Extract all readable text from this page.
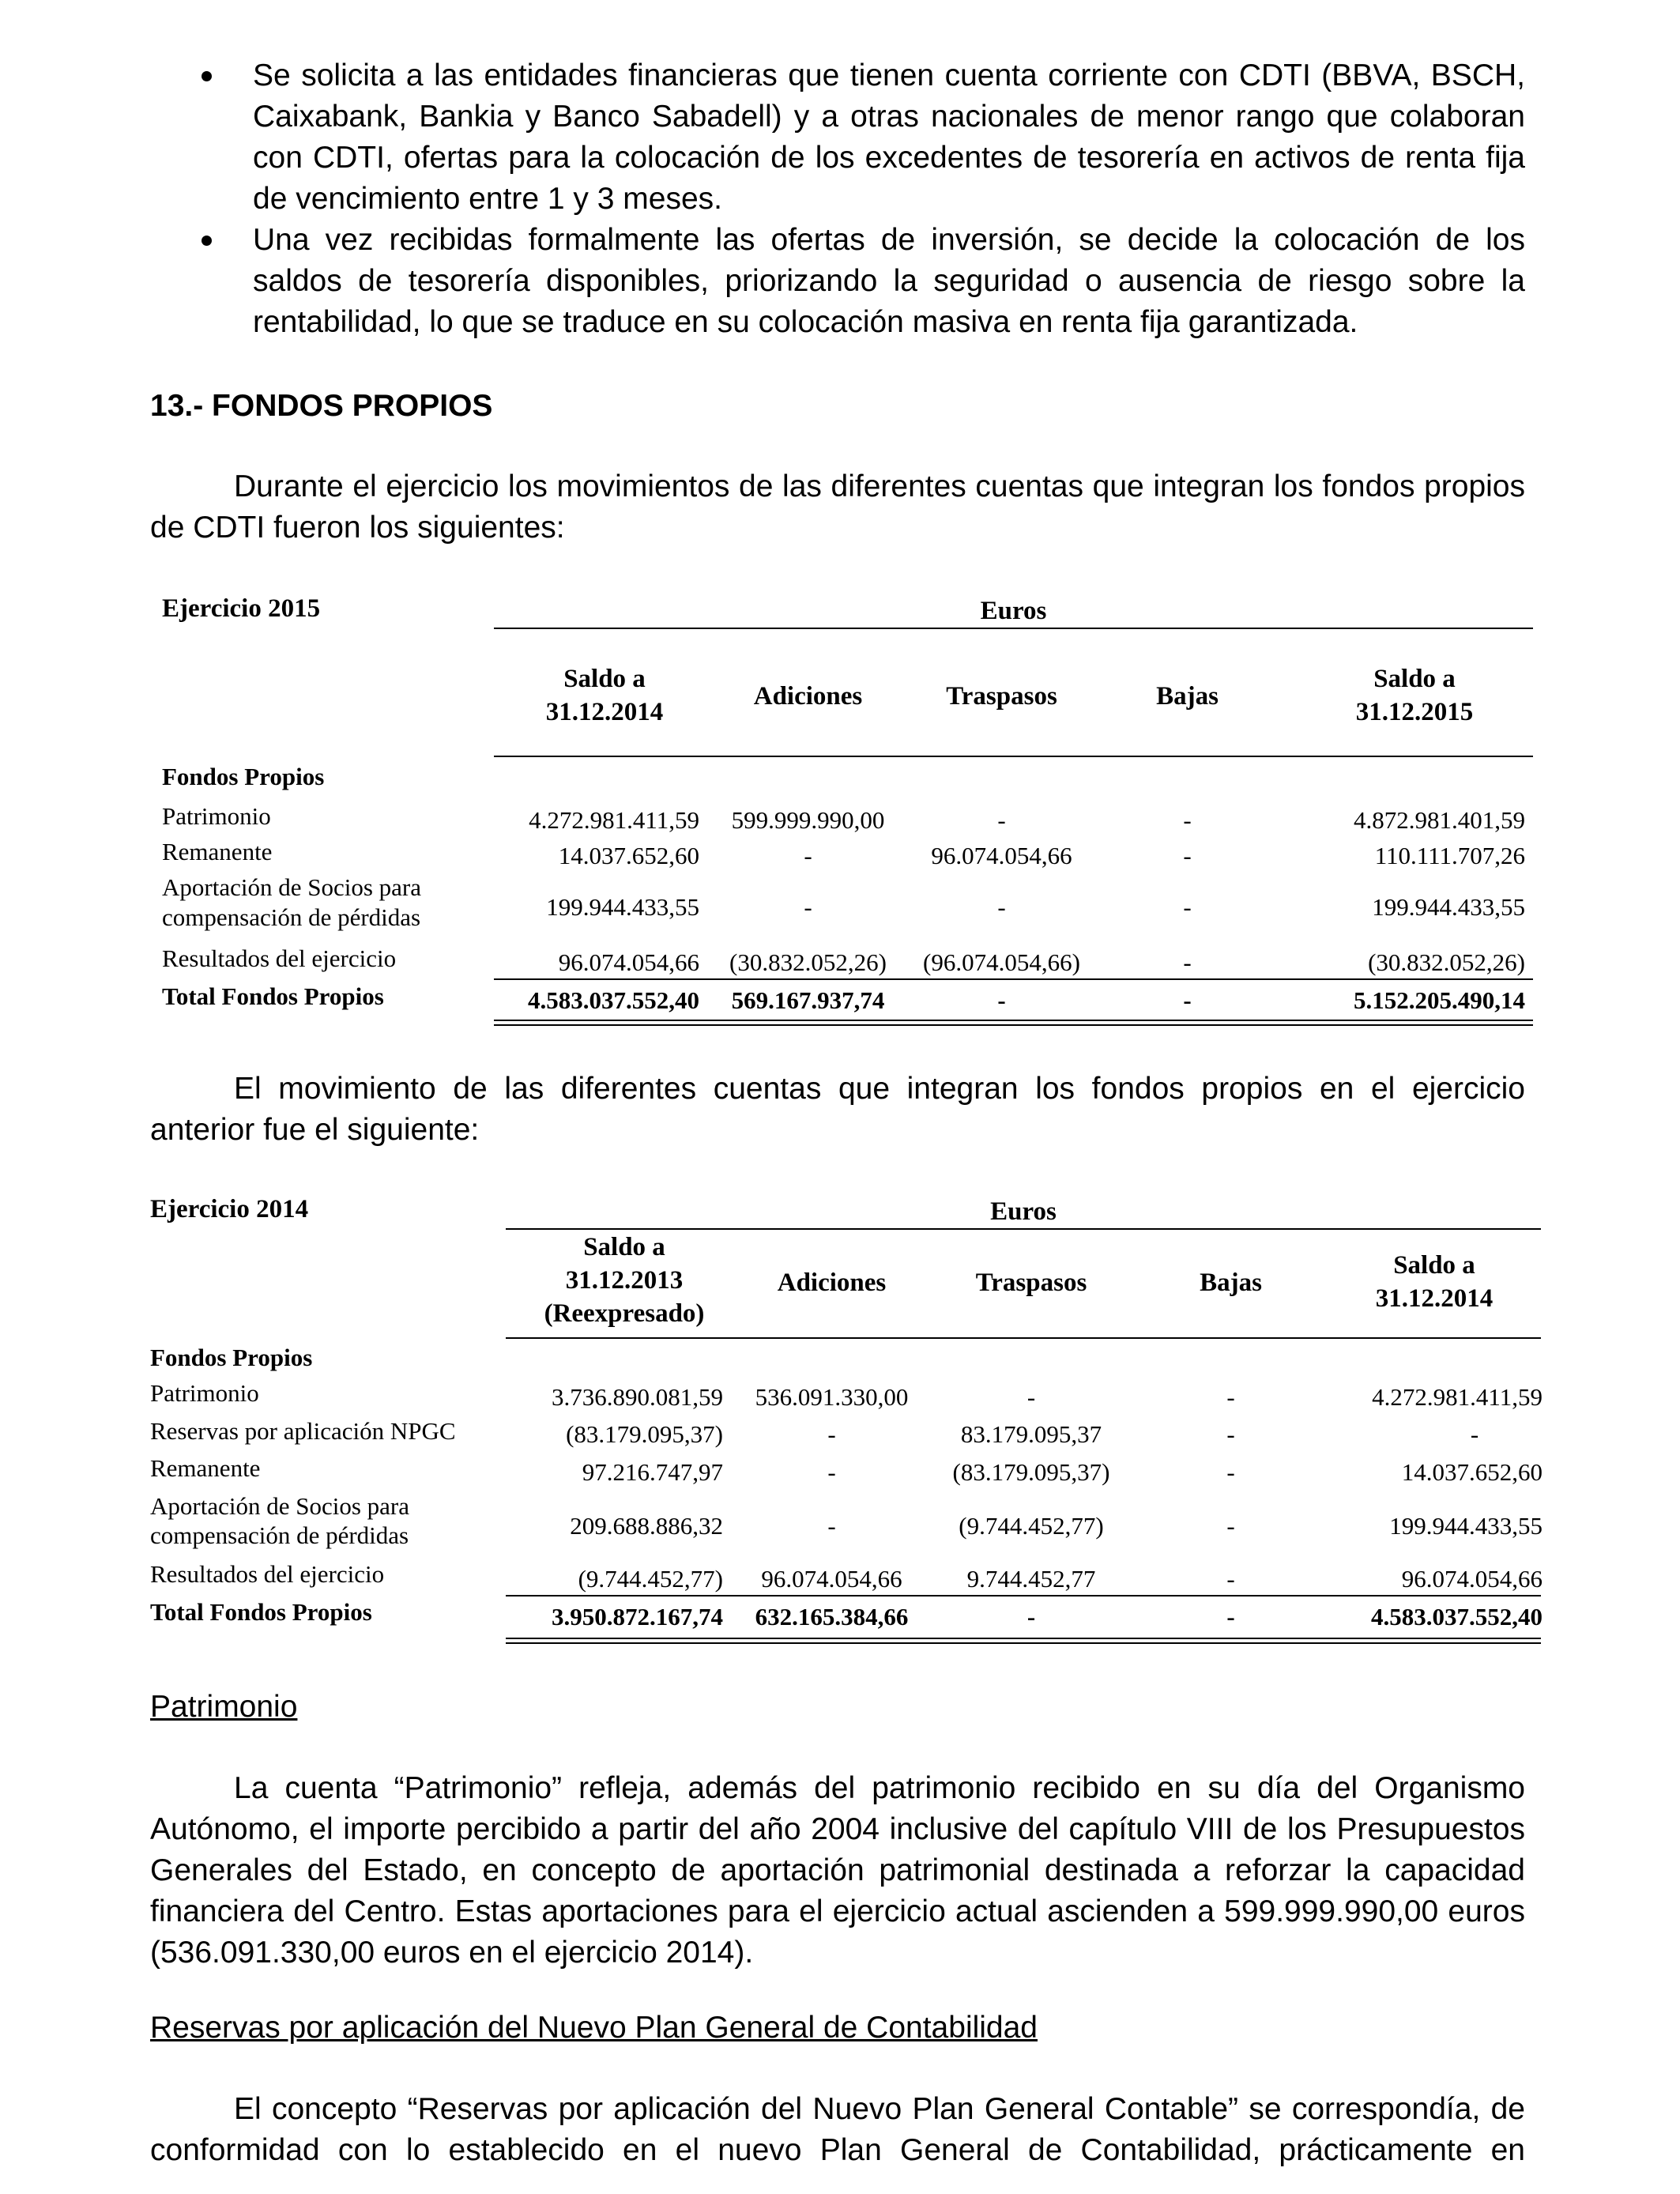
Se solicita a las entidades financieras que tienen cuenta corriente con CDTI (BBVA, BSCH, Caixabank, Bankia y Banco Sabadell) y a otras nacionales de menor rango que colaboran con CDTI, ofertas para la colocación de los excedentes de tesorería en activos de renta fija de vencimiento entre 1 y 3 meses.
Una vez recibidas formalmente las ofertas de inversión, se decide la colocación de los saldos de tesorería disponibles, priorizando la seguridad o ausencia de riesgo sobre la rentabilidad, lo que se traduce en su colocación masiva en renta fija garantizada.
13.- FONDOS PROPIOS
Durante el ejercicio los movimientos de las diferentes cuentas que integran los fondos propios de CDTI fueron los siguientes:
Ejercicio 2015	Euros
Saldo a
31.12.2014
Adiciones	Traspasos	Bajas
Saldo a
31.12.2015
Fondos Propios
Patrimonio	4.272.981.411,59	599.999.990,00	-	-	4.872.981.401,59
Remanente	14.037.652,60	-	96.074.054,66	-	110.111.707,26
Aportación de Socios para
compensación de pérdidas	199.944.433,55	-	-	-	199.944.433,55
Resultados del ejercicio	96.074.054,66	(30.832.052,26)	(96.074.054,66)	-	(30.832.052,26)
Total Fondos Propios	4.583.037.552,40	569.167.937,74	-	-	5.152.205.490,14
El movimiento de las diferentes cuentas que integran los fondos propios en el ejercicio anterior fue el siguiente:
Ejercicio 2014	Euros
Saldo a
31.12.2013
(Reexpresado)
Adiciones	Traspasos	Bajas
Saldo a
31.12.2014
Fondos Propios
Patrimonio	3.736.890.081,59	536.091.330,00	-	-	4.272.981.411,59
Reservas por aplicación NPGC	(83.179.095,37)	-	83.179.095,37	-	-
Remanente	97.216.747,97	-	(83.179.095,37)	-	14.037.652,60
Aportación de Socios para
compensación de pérdidas	209.688.886,32	-	(9.744.452,77)	-	199.944.433,55
Resultados del ejercicio	(9.744.452,77)	96.074.054,66	9.744.452,77	-	96.074.054,66
Total Fondos Propios	3.950.872.167,74	632.165.384,66	-	-	4.583.037.552,40
Patrimonio
La cuenta “Patrimonio” refleja, además del patrimonio recibido en su día del Organismo Autónomo, el importe percibido a partir del año 2004 inclusive del capítulo VIII de los Presupuestos Generales del Estado, en concepto de aportación patrimonial destinada a reforzar la capacidad financiera del Centro. Estas aportaciones para el ejercicio actual ascienden a 599.999.990,00 euros (536.091.330,00 euros en el ejercicio 2014).
Reservas por aplicación del Nuevo Plan General de Contabilidad
El concepto “Reservas por aplicación del Nuevo Plan General Contable” se correspondía, de conformidad con lo establecido en el nuevo Plan General de Contabilidad, prácticamente en
